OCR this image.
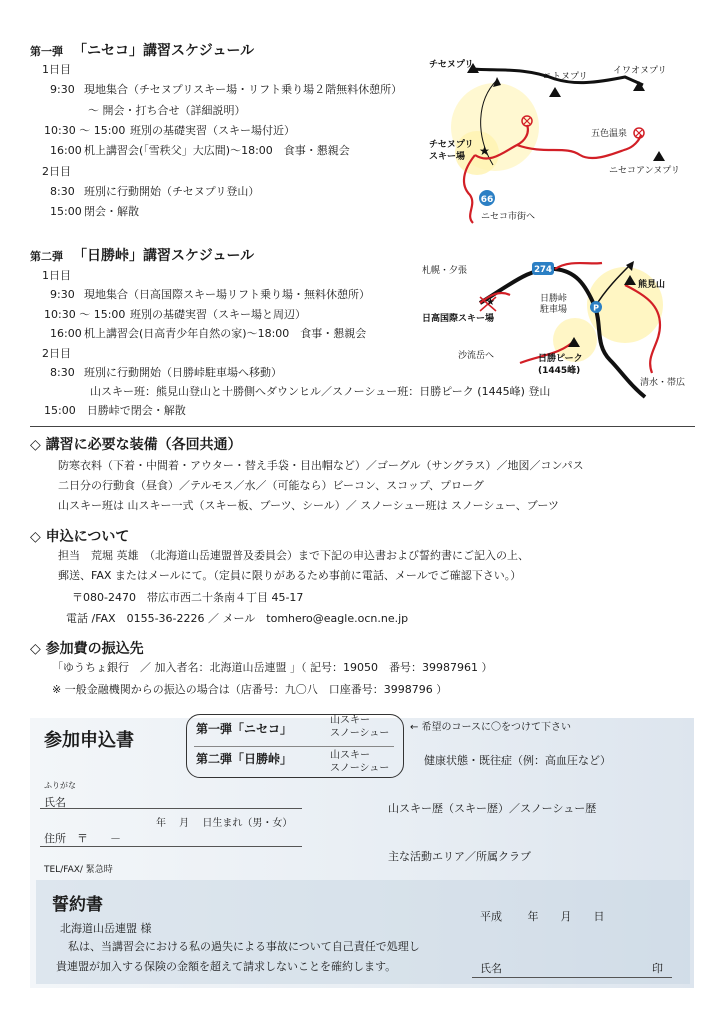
第一弾 「ニセコ」講習スケジュール
1日目
9:30 現地集合（チセヌプリスキー場・リフト乗り場２階無料休憩所）
～ 開会・打ち合せ（詳細説明）
10:30 ～ 15:00 班別の基礎実習（スキー場付近）
16:00 机上講習会(「雪秩父」大広間)～18:00　食事・懇親会
2日目
8:30 班別に行動開始（チセヌプリ登山）
15:00 閉会・解散
★
66
チセヌプリ
ニトヌプリ
イワオヌプリ
チセヌプリスキー場
五色温泉
ニセコアンヌプリ
ニセコ市街へ
第二弾 「日勝峠」講習スケジュール
1日目
9:30 現地集合（日高国際スキー場リフト乗り場・無料休憩所）
10:30 ～ 15:00 班別の基礎実習（スキー場と周辺）
16:00 机上講習会(日高青少年自然の家)～18:00　食事・懇親会
2日目
8:30 班別に行動開始（日勝峠駐車場へ移動）
山スキー班：熊見山登山と十勝側へダウンヒル／スノーシュー班：日勝ピーク (1445峰) 登山
15:00　 日勝峠で閉会・解散
274
P
★
札幌・夕張
日高国際スキー場
日勝峠駐車場
熊見山
日勝ピーク(1445峰)
沙流岳へ
清水・帯広
◇ 講習に必要な装備（各回共通）
防寒衣料（下着・中間着・アウター・替え手袋・目出帽など）／ゴーグル（サングラス）／地図／コンパス
二日分の行動食（昼食）／テルモス／水／（可能なら）ビーコン、スコップ、プローグ
山スキー班は 山スキー一式（スキー板、ブーツ、シール）／ スノーシュー班は スノーシュー、ブーツ
◇ 申込について
担当　荒堀 英雄　（北海道山岳連盟普及委員会）まで下記の申込書および誓約書にご記入の上、
郵送、FAX またはメールにて。（定員に限りがあるため事前に電話、メールでご確認下さい。）
〒080-2470　帯広市西二十条南４丁目 45-17
電話 /FAX　0155-36-2226 ／ メール　tomhero@eagle.ocn.ne.jp
◇ 参加費の振込先
「ゆうちょ銀行　／ 加入者名：北海道山岳連盟 」（ 記号：19050　番号：39987961 ）
※ 一般金融機関からの振込の場合は（店番号：九〇八　口座番号：3998796 ）
参加申込書
第一弾「ニセコ」
山スキー
スノーシュー
第二弾「日勝峠」	山スキー
スノーシュー
← 希望のコースに〇をつけて下さい
健康状態・既往症（例：高血圧など）
ふりがな
氏名
年　 月　 日生まれ（男・女）
住所　〒　　－
TEL/FAX/ 緊急時
山スキー歴（スキー歴）／スノーシュー歴
主な活動エリア／所属クラブ
誓約書
北海道山岳連盟 様
平成　　 年　　月　　日
私は、当講習会における私の過失による事故について自己責任で処理し
貴連盟が加入する保険の金額を超えて請求しないことを確約します。	氏名	印
